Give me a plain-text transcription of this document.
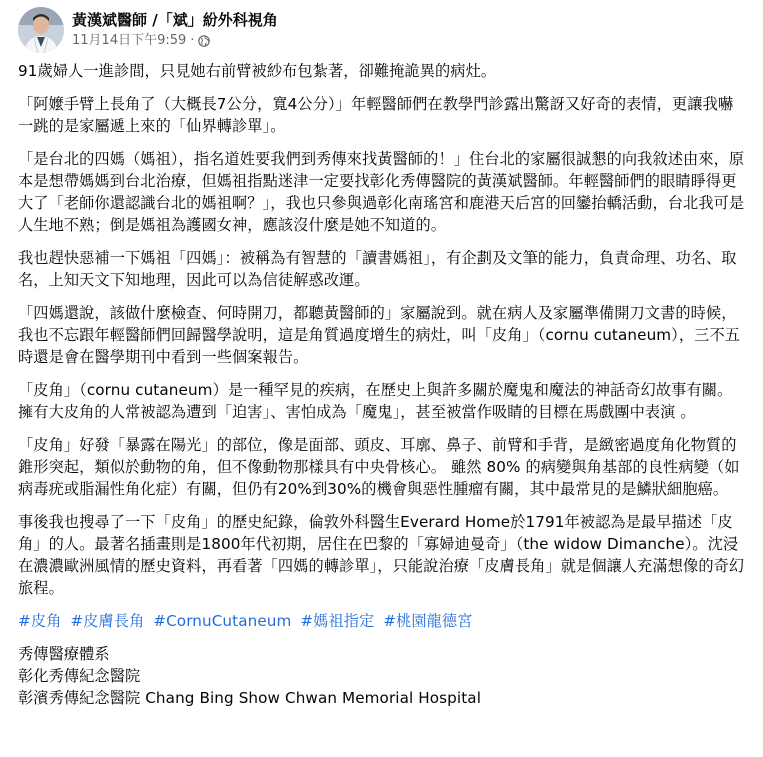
黃漢斌醫師 /「斌」紛外科視角
11月14日下午9:59 ·

91歲婦人一進診間，只見她右前臂被紗布包紮著，卻難掩詭異的病灶。

「阿嬤手臂上長角了（大概長7公分，寬4公分）」年輕醫師們在教學門診露出驚訝又好奇的表情，更讓我嚇一跳的是家屬遞上來的「仙界轉診單」。

「是台北的四媽（媽祖），指名道姓要我們到秀傳來找黃醫師的！」住台北的家屬很誠懇的向我敘述由來，原本是想帶媽媽到台北治療，但媽祖指點迷津一定要找彰化秀傳醫院的黃漢斌醫師。年輕醫師們的眼睛睜得更大了「老師你還認識台北的媽祖啊？」，我也只參與過彰化南瑤宮和鹿港天后宮的回鑾抬轎活動，台北我可是人生地不熟；倒是媽祖為護國女神，應該沒什麼是她不知道的。

我也趕快惡補一下媽祖「四媽」：被稱為有智慧的「讀書媽祖」，有企劃及文筆的能力，負責命理、功名、取名，上知天文下知地理，因此可以為信徒解惑改運。

「四媽還說，該做什麼檢查、何時開刀，都聽黃醫師的」家屬說到。就在病人及家屬準備開刀文書的時候，我也不忘跟年輕醫師們回歸醫學說明，這是角質過度增生的病灶，叫「皮角」（cornu cutaneum），三不五時還是會在醫學期刊中看到一些個案報告。

「皮角」（cornu cutaneum）是一種罕見的疾病，在歷史上與許多關於魔鬼和魔法的神話奇幻故事有關。擁有大皮角的人常被認為遭到「迫害」、害怕成為「魔鬼」，甚至被當作吸睛的目標在馬戲團中表演 。

「皮角」好發「暴露在陽光」的部位，像是面部、頭皮、耳廓、鼻子、前臂和手背，是緻密過度角化物質的錐形突起，類似於動物的角，但不像動物那樣具有中央骨核心。 雖然 80% 的病變與角基部的良性病變（如病毒疣或脂漏性角化症）有關，但仍有20%到30%的機會與惡性腫瘤有關，其中最常見的是鱗狀細胞癌。

事後我也搜尋了一下「皮角」的歷史紀錄，倫敦外科醫生Everard Home於1791年被認為是最早描述「皮角」的人。最著名插畫則是1800年代初期，居住在巴黎的「寡婦迪曼奇」（the widow Dimanche）。沈浸在濃濃歐洲風情的歷史資料，再看著「四媽的轉診單」，只能說治療「皮膚長角」就是個讓人充滿想像的奇幻旅程。

#皮角 #皮膚長角 #CornuCutaneum #媽祖指定 #桃園龍德宮

秀傳醫療體系

彰化秀傳紀念醫院

彰濱秀傳紀念醫院 Chang Bing Show Chwan Memorial Hospital
